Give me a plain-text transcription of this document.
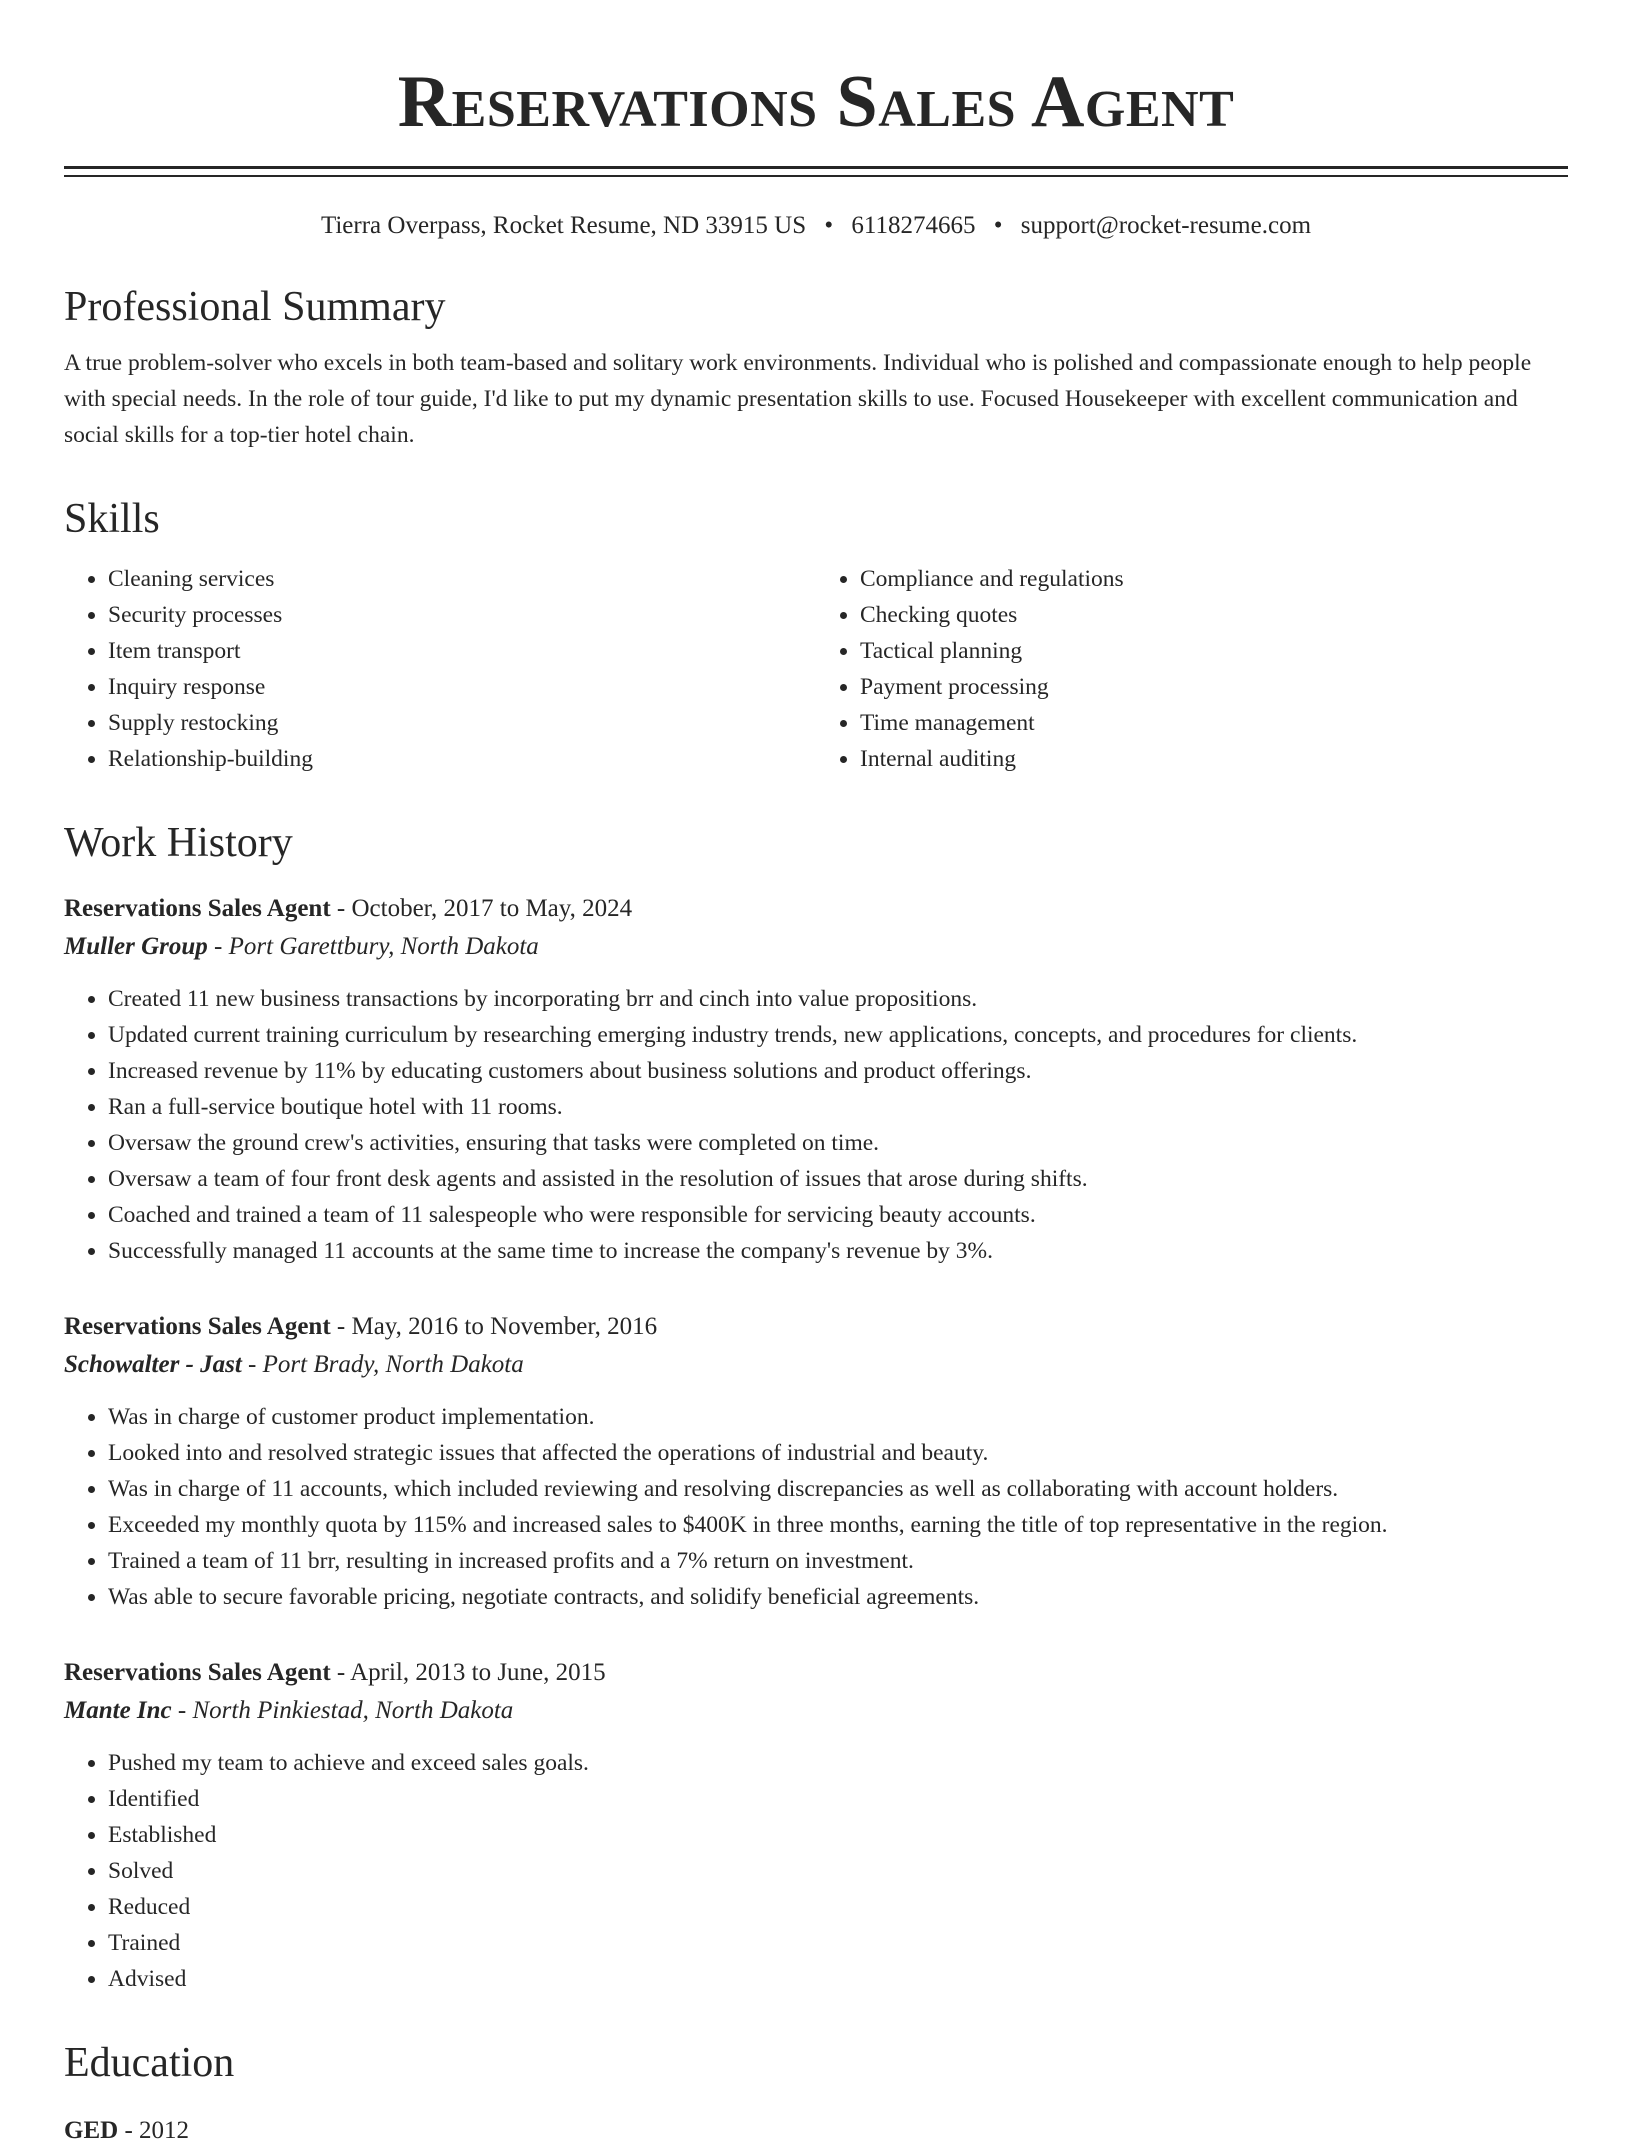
Reservations Sales Agent
Tierra Overpass, Rocket Resume, ND 33915 US • 6118274665 • support@rocket-resume.com
Professional Summary

A true problem-solver who excels in both team-based and solitary work environments. Individual who is polished and compassionate enough to help people with special needs. In the role of tour guide, I'd like to put my dynamic presentation skills to use. Focused Housekeeper with excellent communication and social skills for a top-tier hotel chain.

Skills
• Cleaning services
• Security processes
• Item transport
• Inquiry response
• Supply restocking
• Relationship-building
• Compliance and regulations
• Checking quotes
• Tactical planning
• Payment processing
• Time management
• Internal auditing
Work History
Reservations Sales Agent - October, 2017 to May, 2024
Muller Group - Port Garettbury, North Dakota
• Created 11 new business transactions by incorporating brr and cinch into value propositions.
• Updated current training curriculum by researching emerging industry trends, new applications, concepts, and procedures for clients.
• Increased revenue by 11% by educating customers about business solutions and product offerings.
• Ran a full-service boutique hotel with 11 rooms.
• Oversaw the ground crew's activities, ensuring that tasks were completed on time.
• Oversaw a team of four front desk agents and assisted in the resolution of issues that arose during shifts.
• Coached and trained a team of 11 salespeople who were responsible for servicing beauty accounts.
• Successfully managed 11 accounts at the same time to increase the company's revenue by 3%.
Reservations Sales Agent - May, 2016 to November, 2016
Schowalter - Jast - Port Brady, North Dakota
• Was in charge of customer product implementation.
• Looked into and resolved strategic issues that affected the operations of industrial and beauty.
• Was in charge of 11 accounts, which included reviewing and resolving discrepancies as well as collaborating with account holders.
• Exceeded my monthly quota by 115% and increased sales to $400K in three months, earning the title of top representative in the region.
• Trained a team of 11 brr, resulting in increased profits and a 7% return on investment.
• Was able to secure favorable pricing, negotiate contracts, and solidify beneficial agreements.
Reservations Sales Agent - April, 2013 to June, 2015
Mante Inc - North Pinkiestad, North Dakota
• Pushed my team to achieve and exceed sales goals.
• Identified
• Established
• Solved
• Reduced
• Trained
• Advised
Education
GED - 2012
